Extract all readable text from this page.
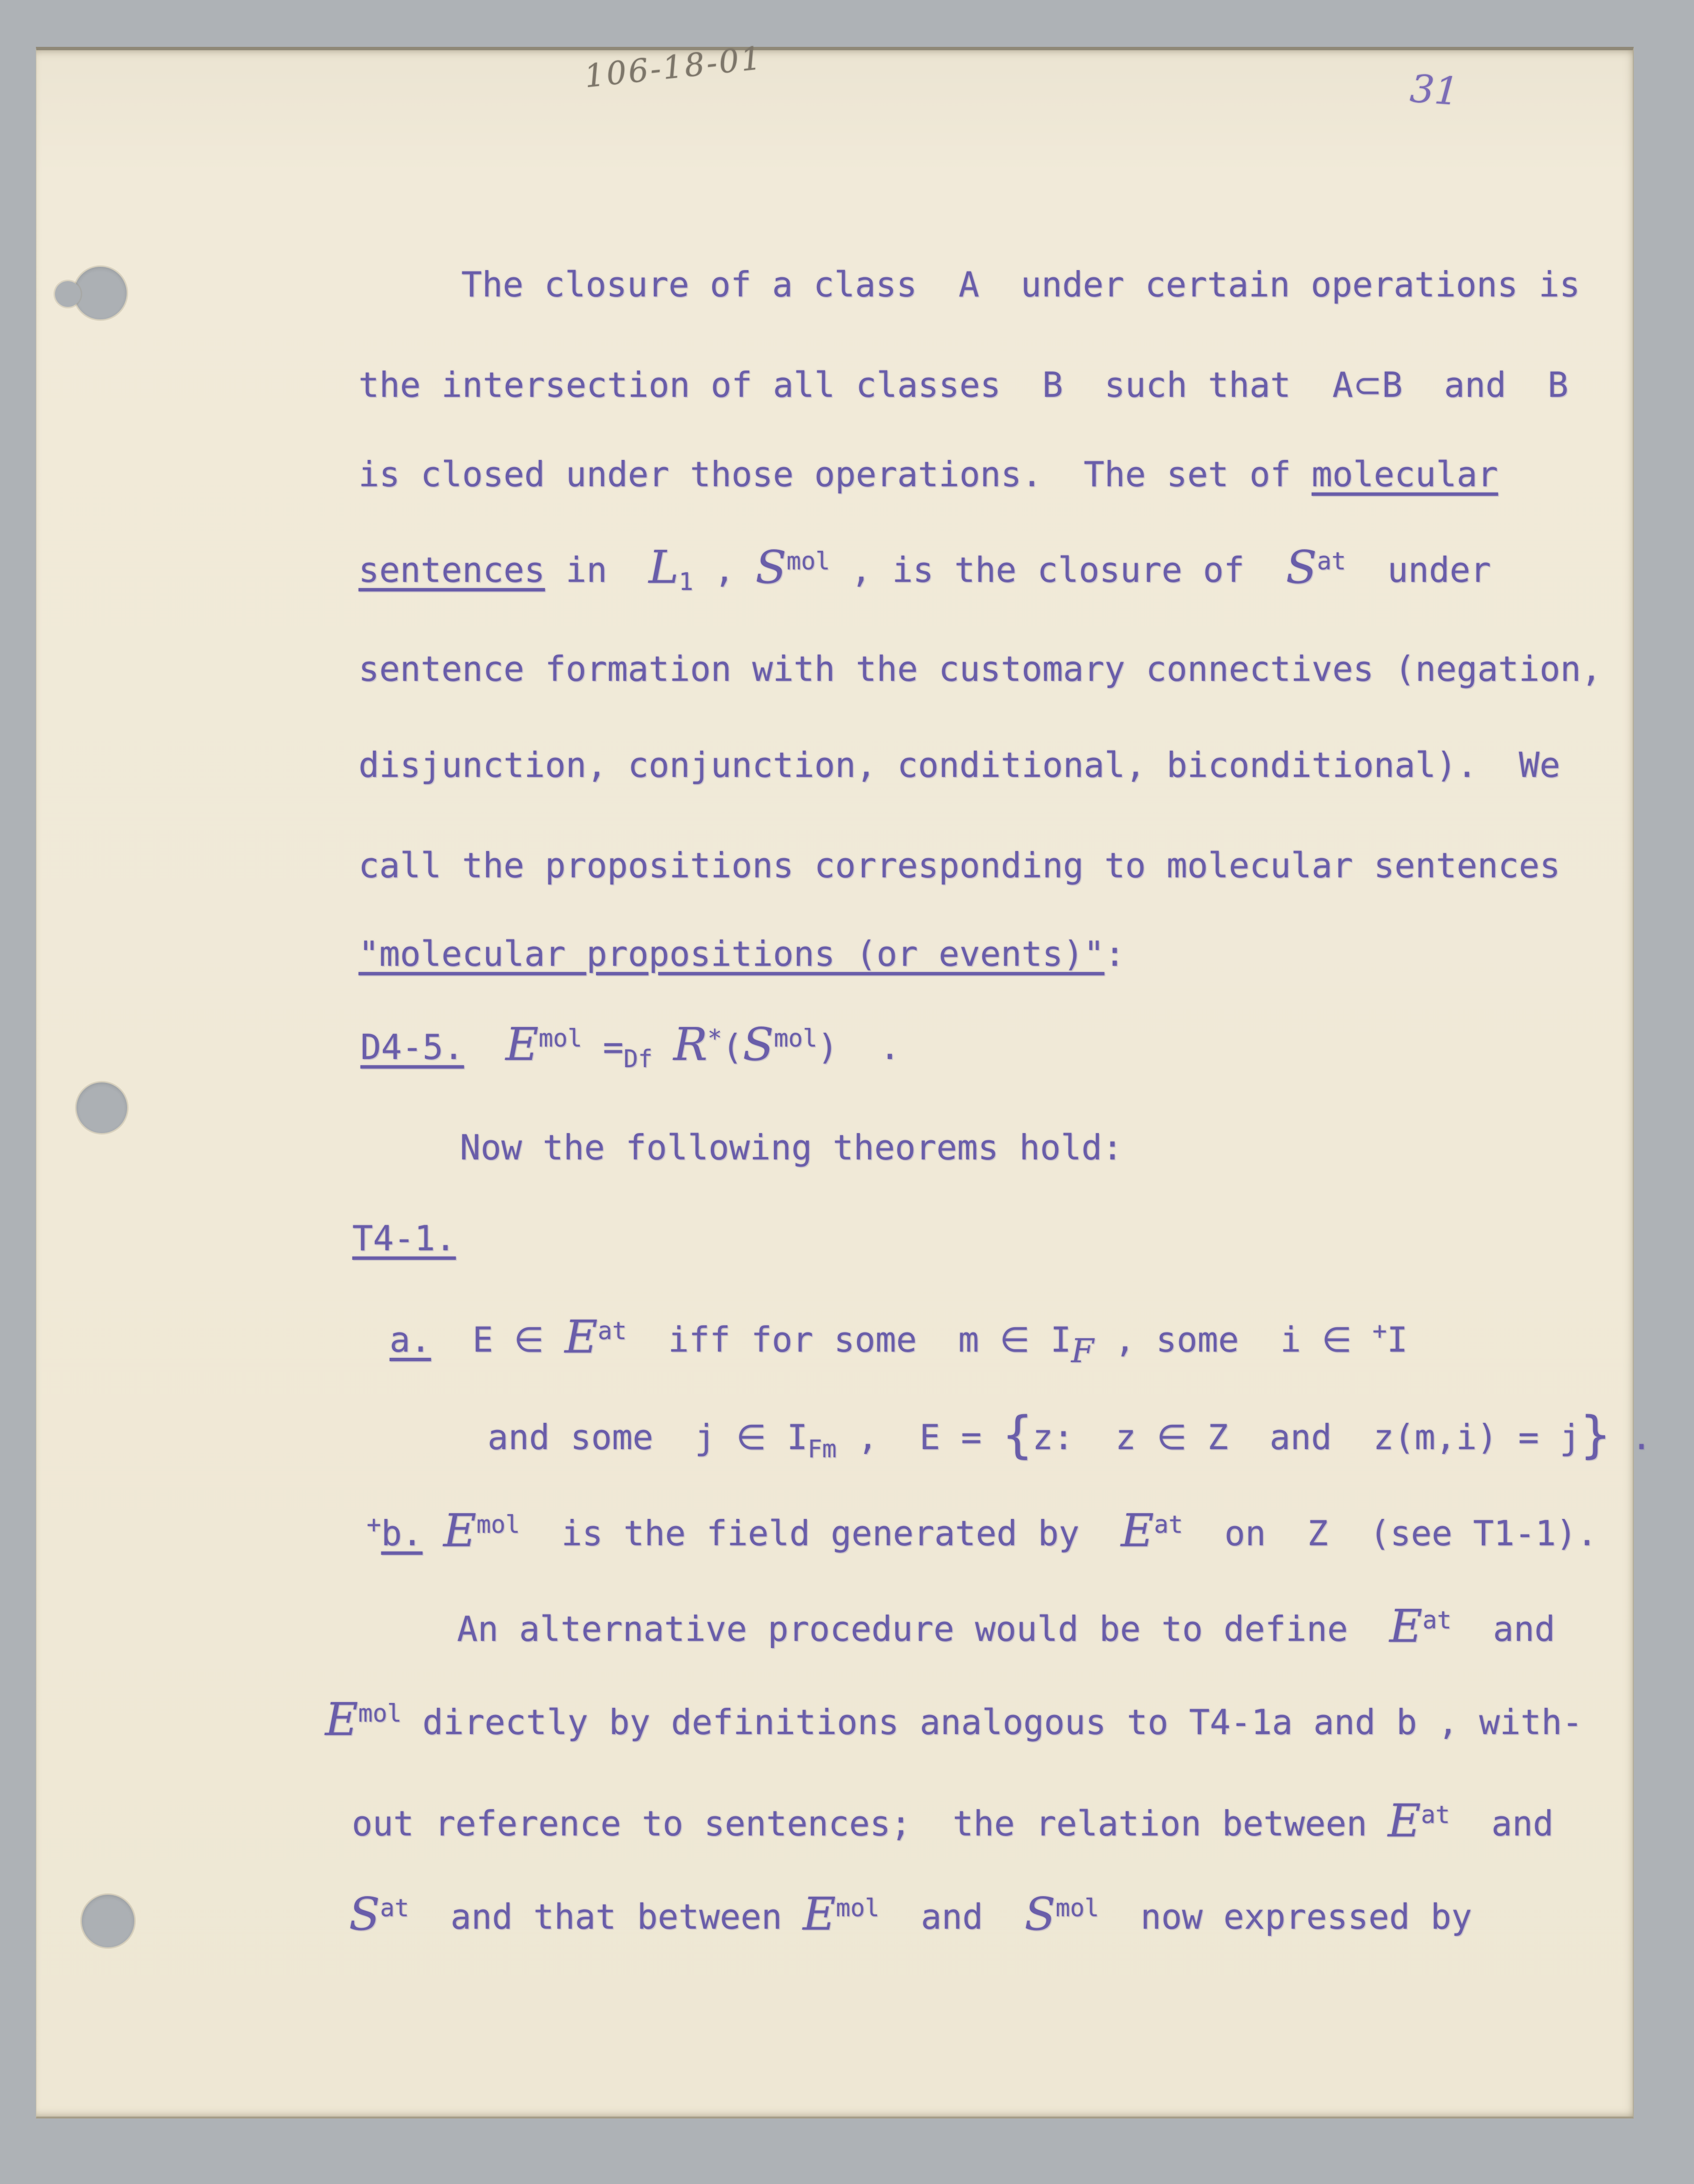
106-18-01	31
The closure of a class  A  under certain operations is
the intersection of all classes  B  such that  A⊂B  and  B
is closed under those operations.  The set of molecular
sentences in  $L_1$ , $S^{mol}$ , is the closure of  $S^{at}$  under
sentence formation with the customary connectives (negation,
disjunction, conjunction, conditional, biconditional).  We
call the propositions corresponding to molecular sentences
"molecular propositions (or events)":
D4-5. $E^{mol} =_{Df}$ $R^*(S^{mol})$  .
Now the following theorems hold:
T4-1.
a.  E ∈ $E^{at}$  iff for some  m ∈ IF , some  i ∈ +I
and some  j ∈ $I_{Fm}$ ,  E = {z:  z ∈ Z  and  z(m,i) = j} .
+b. $E^{mol}$  is the field generated by  $E^{at}$  on  Z  (see T1-1).
An alternative procedure would be to define  $E^{at}$  and
$E^{mol}$ directly by definitions analogous to T4-1a and b , with-
out reference to sentences;  the relation between $E^{at}$  and
$S^{at}$  and that between $E^{mol}$  and  $S^{mol}$  now expressed by
